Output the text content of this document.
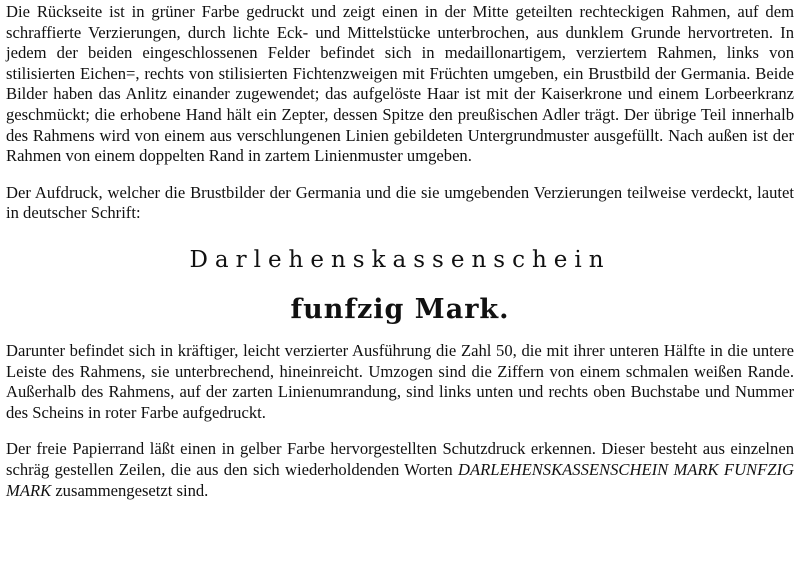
Die Rückseite ist in grüner Farbe gedruckt und zeigt einen in der Mitte geteilten rechteckigen Rahmen, auf dem schraffierte Verzierungen, durch lichte Eck- und Mittelstücke unterbrochen, aus dunklem Grunde hervortreten. In jedem der beiden eingeschlossenen Felder befindet sich in medaillonartigem, verziertem Rahmen, links von stilisierten Eichen=, rechts von stilisierten Fichtenzweigen mit Früchten umgeben, ein Brustbild der Germania. Beide Bilder haben das Anlitz einander zugewendet; das aufgelöste Haar ist mit der Kaiserkrone und einem Lorbeerkranz geschmückt; die erhobene Hand hält ein Zepter, dessen Spitze den preußischen Adler trägt. Der übrige Teil innerhalb des Rahmens wird von einem aus verschlungenen Linien gebildeten Untergrundmuster ausgefüllt. Nach außen ist der Rahmen von einem doppelten Rand in zartem Linienmuster umgeben.

Der Aufdruck, welcher die Brustbilder der Germania und die sie umgebenden Verzierungen teilweise verdeckt, lautet in deutscher Schrift:

Darlehenskassenschein
funfzig Mark.

Darunter befindet sich in kräftiger, leicht verzierter Ausführung die Zahl 50, die mit ihrer unteren Hälfte in die untere Leiste des Rahmens, sie unterbrechend, hineinreicht. Umzogen sind die Ziffern von einem schmalen weißen Rande. Außerhalb des Rahmens, auf der zarten Linienumrandung, sind links unten und rechts oben Buchstabe und Nummer des Scheins in roter Farbe aufgedruckt.

Der freie Papierrand läßt einen in gelber Farbe hervorgestellten Schutzdruck erkennen. Dieser besteht aus einzelnen schräg gestellen Zeilen, die aus den sich wiederholdenden Worten DARLEHENSKASSENSCHEIN MARK FUNFZIG MARK zusammengesetzt sind.
